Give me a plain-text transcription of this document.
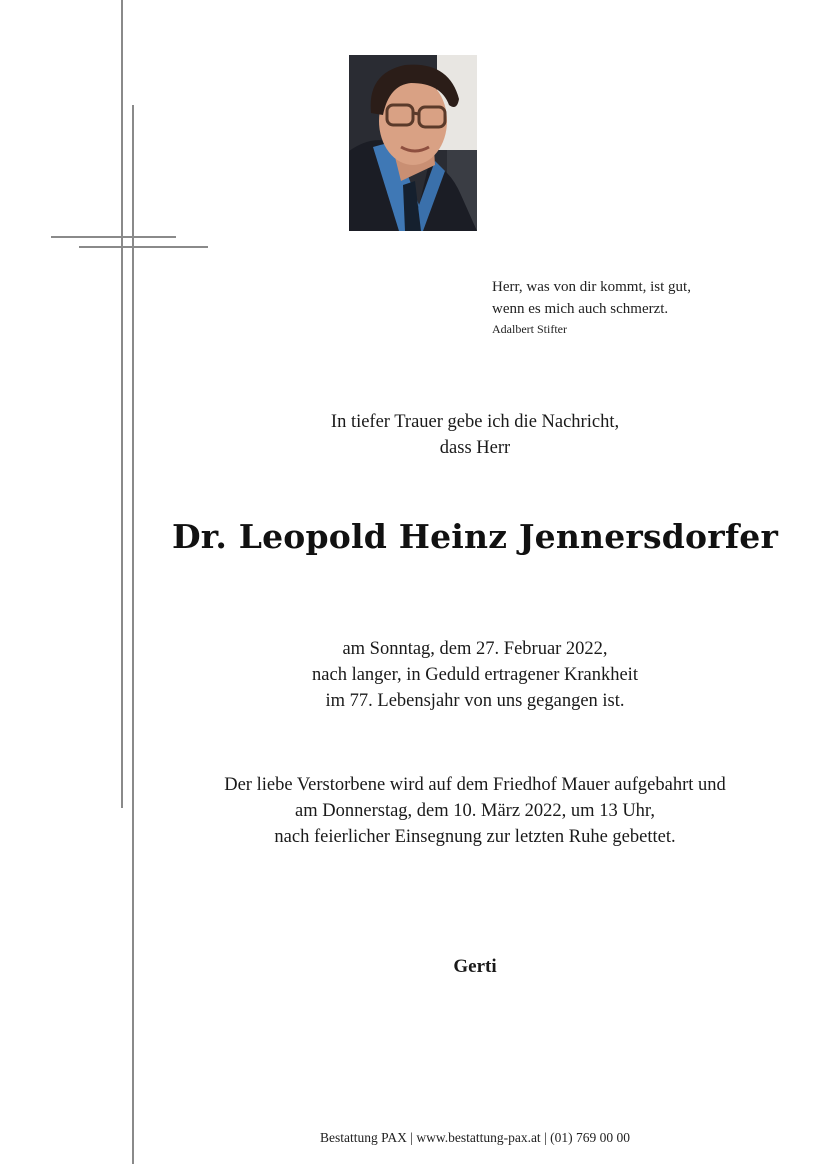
Herr, was von dir kommt, ist gut,
wenn es mich auch schmerzt.
Adalbert Stifter
In tiefer Trauer gebe ich die Nachricht,
dass Herr
Dr. Leopold Heinz Jennersdorfer
am Sonntag, dem 27. Februar 2022,
nach langer, in Geduld ertragener Krankheit
im 77. Lebensjahr von uns gegangen ist.
Der liebe Verstorbene wird auf dem Friedhof Mauer aufgebahrt und
am Donnerstag, dem 10. März 2022, um 13 Uhr,
nach feierlicher Einsegnung zur letzten Ruhe gebettet.
Gerti
Bestattung PAX | www.bestattung-pax.at | (01) 769 00 00
